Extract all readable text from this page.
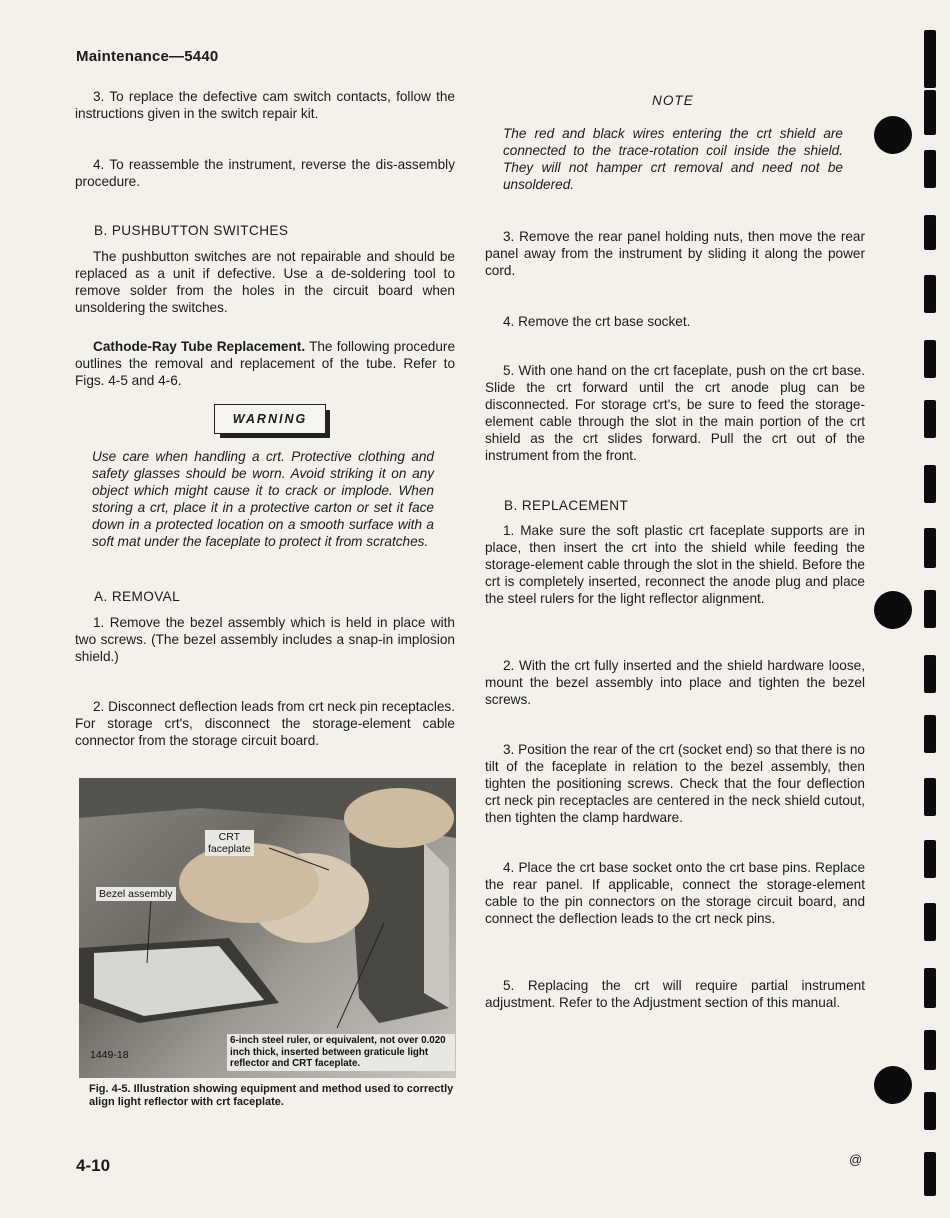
Maintenance—5440
3. To replace the defective cam switch contacts, follow the instructions given in the switch repair kit.
4. To reassemble the instrument, reverse the dis-assembly procedure.
B. PUSHBUTTON SWITCHES
The pushbutton switches are not repairable and should be replaced as a unit if defective. Use a de-soldering tool to remove solder from the holes in the circuit board when unsoldering the switches.
Cathode-Ray Tube Replacement. The following procedure outlines the removal and replacement of the tube. Refer to Figs. 4-5 and 4-6.
WARNING
Use care when handling a crt. Protective clothing and safety glasses should be worn. Avoid striking it on any object which might cause it to crack or implode. When storing a crt, place it in a protective carton or set it face down in a protected location on a smooth surface with a soft mat under the faceplate to protect it from scratches.
A. REMOVAL
1. Remove the bezel assembly which is held in place with two screws. (The bezel assembly includes a snap-in implosion shield.)
2. Disconnect deflection leads from crt neck pin receptacles. For storage crt's, disconnect the storage-element cable connector from the storage circuit board.
CRT
faceplate
Bezel assembly
6-inch steel ruler, or equivalent, not over 0.020 inch thick, inserted between graticule light reflector and CRT faceplate.
1449-18
Fig. 4-5. Illustration showing equipment and method used to correctly align light reflector with crt faceplate.
NOTE
The red and black wires entering the crt shield are connected to the trace-rotation coil inside the shield. They will not hamper crt removal and need not be unsoldered.
3. Remove the rear panel holding nuts, then move the rear panel away from the instrument by sliding it along the power cord.
4. Remove the crt base socket.
5. With one hand on the crt faceplate, push on the crt base. Slide the crt forward until the crt anode plug can be disconnected. For storage crt's, be sure to feed the storage-element cable through the slot in the main portion of the crt shield as the crt slides forward. Pull the crt out of the instrument from the front.
B. REPLACEMENT
1. Make sure the soft plastic crt faceplate supports are in place, then insert the crt into the shield while feeding the storage-element cable through the slot in the shield. Before the crt is completely inserted, reconnect the anode plug and place the steel rulers for the light reflector alignment.
2. With the crt fully inserted and the shield hardware loose, mount the bezel assembly into place and tighten the bezel screws.
3. Position the rear of the crt (socket end) so that there is no tilt of the faceplate in relation to the bezel assembly, then tighten the positioning screws. Check that the four deflection crt neck pin receptacles are centered in the neck shield cutout, then tighten the clamp hardware.
4. Place the crt base socket onto the crt base pins. Replace the rear panel. If applicable, connect the storage-element cable to the pin connectors on the storage circuit board, and connect the deflection leads to the crt neck pins.
5. Replacing the crt will require partial instrument adjustment. Refer to the Adjustment section of this manual.
4-10	@
